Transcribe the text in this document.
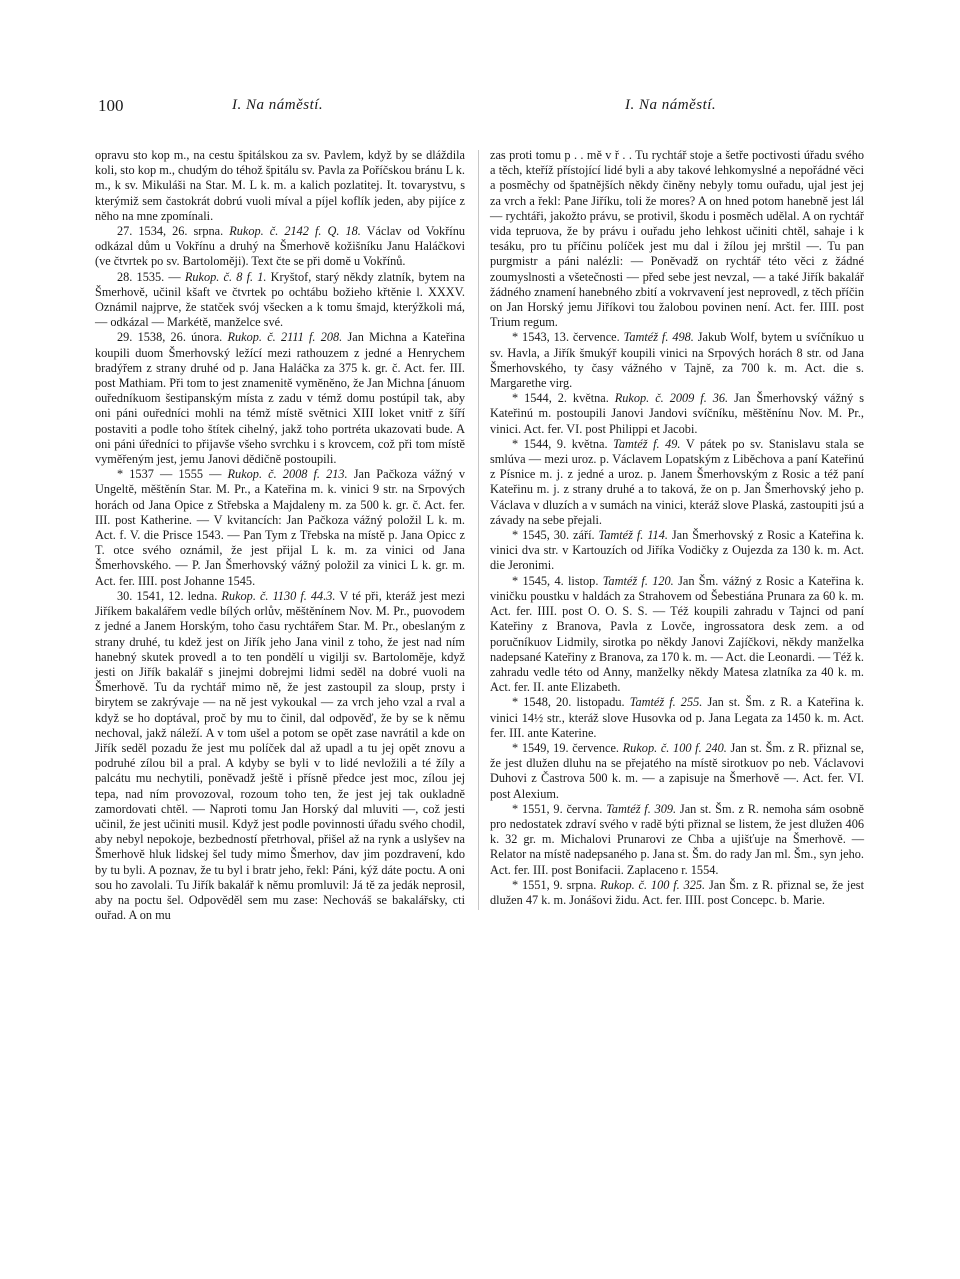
100	I. Na náměstí.	I. Na náměstí.

opravu sto kop m., na cestu špitálskou za sv. Pavlem, když by se dláždila koli, sto kop m., chudým do téhož špitálu sv. Pavla za Poříčskou bránu L k. m., k sv. Mikuláši na Star. M. L k. m. a kalich pozlatitej. It. tovarystvu, s kterýmiž sem častokrát dobrú vuoli míval a píjel koflík jeden, aby pijíce z něho na mne zpomínali.

27. 1534, 26. srpna. Rukop. č. 2142 f. Q. 18. Václav od Vokřínu odkázal dům u Vokřínu a druhý na Šmerhově kožišníku Janu Haláčkovi (ve čtvrtek po sv. Bartoloměji). Text čte se při domě u Vokřínů.

28. 1535. — Rukop. č. 8 f. 1. Kryštof, starý někdy zlatník, bytem na Šmerhově, učinil kšaft ve čtvrtek po ochtábu božieho křtěnie l. XXXV. Oznámil najprve, že statček svój všecken a k tomu šmajd, kterýžkoli má, — odkázal — Markétě, manželce své.

29. 1538, 26. února. Rukop. č. 2111 f. 208. Jan Michna a Kateřina koupili duom Šmerhovský ležící mezi rathouzem z jedné a Henrychem bradýřem z strany druhé od p. Jana Haláčka za 375 k. gr. č. Act. fer. III. post Mathiam. Při tom to jest znamenitě vyměněno, že Jan Michna [ánuom ouředníkuom šestipanským místa z zadu v témž domu postúpil tak, aby oni páni ouředníci mohli na témž místě světnici XIII loket vnitř z šíří postaviti a podle toho štítek cihelný, jakž toho portréta ukazovati bude. A oni páni úředníci to přijavše všeho svrchku i s krovcem, což při tom místě vyměřeným jest, jemu Janovi dědičně postoupili.

* 1537 — 1555 — Rukop. č. 2008 f. 213. Jan Pačkoza vážný v Ungeltě, měštěnín Star. M. Pr., a Kateřina m. k. vinici 9 str. na Srpových horách od Jana Opice z Střebska a Majdaleny m. za 500 k. gr. č. Act. fer. III. post Katherine. — V kvitancích: Jan Pačkoza vážný položil L k. m. Act. f. V. die Prisce 1543. — Pan Tym z Třebska na místě p. Jana Opicc z T. otce svého oznámil, že jest přijal L k. m. za vinici od Jana Šmerhovského. — P. Jan Šmerhovský vážný položil za vinici L k. gr. m. Act. fer. IIII. post Johanne 1545.

30. 1541, 12. ledna. Rukop. č. 1130 f. 44.3. V té při, kteráž jest mezi Jiříkem bakalářem vedle bílých orlův, měštěnínem Nov. M. Pr., puovodem z jedné a Janem Horským, toho času rychtářem Star. M. Pr., obeslaným z strany druhé, tu kdež jest on Jiřík jeho Jana vinil z toho, že jest nad ním hanebný skutek provedl a to ten pondělí u vigilji sv. Bartoloměje, když jesti on Jiřík bakalář s jinejmi dobrejmi lidmi seděl na dobré vuoli na Šmerhově. Tu da rychtář mimo ně, že jest zastoupil za sloup, prsty i birytem se zakrývaje — na ně jest vykoukal — za vrch jeho vzal a rval a když se ho doptával, proč by mu to činil, dal odpověď, že by se k němu nechoval, jakž náleží. A v tom ušel a potom se opět zase navrátil a kde on Jiřík seděl pozadu že jest mu políček dal až upadl a tu jej opět znovu a podruhé zílou bil a pral. A kdyby se byli v to lidé nevložili a té žíly a palcátu mu nechytili, poněvadž ještě i přísně předce jest moc, zílou jej tepa, nad ním provozoval, rozoum toho ten, že jest jej tak oukladně zamordovati chtěl. — Naproti tomu Jan Horský dal mluviti —, což jesti učinil, že jest učiniti musil. Když jest podle povinnosti úřadu svého chodil, aby nebyl nepokoje, bezbedností přetrhoval, přišel až na rynk a uslyšev na Šmerhově hluk lidskej šel tudy mimo Šmerhov, dav jim pozdravení, kdo by tu byli. A poznav, že tu byl i bratr jeho, řekl: Páni, kýž dáte poctu. A oni sou ho zavolali. Tu Jiřík bakalář k němu promluvil: Já tě za jedák neprosil, aby na poctu šel. Odpověděl sem mu zase: Nechováš se bakalářsky, cti ouřad. A on mu

zas proti tomu p . . mě v ř . . Tu rychtář stoje a šetře poctivosti úřadu svého a těch, kteříž přístojící lidé byli a aby takové lehkomyslné a nepořádné věci a posměchy od špatnějších někdy činěny nebyly tomu ouřadu, ujal jest jej za vrch a řekl: Pane Jiříku, toli že mores? A on hned potom hanebně jest lál — rychtáři, jakožto právu, se protivil, škodu i posměch udělal. A on rychtář vida tepruova, že by právu i ouřadu jeho lehkost učiniti chtěl, sahaje i k tesáku, pro tu příčinu políček jest mu dal i žílou jej mrštil —. Tu pan purgmistr a páni nalézli: — Poněvadž on rychtář této věci z žádné zoumyslnosti a všetečnosti — před sebe jest nevzal, — a také Jiřík bakalář žádného znamení hanebného zbití a vokrvavení jest neprovedl, z těch příčin on Jan Horský jemu Jiříkovi tou žalobou povinen není. Act. fer. IIII. post Trium regum.

* 1543, 13. července. Tamtéž f. 498. Jakub Wolf, bytem u svíčníkuo u sv. Havla, a Jiřík šmukýř koupili vinici na Srpových horách 8 str. od Jana Šmerhovského, ty časy vážného v Tajně, za 700 k. m. Act. die s. Margarethe virg.

* 1544, 2. května. Rukop. č. 2009 f. 36. Jan Šmerhovský vážný s Kateřinú m. postoupili Janovi Jandovi svíčníku, měštěnínu Nov. M. Pr., vinici. Act. fer. VI. post Philippi et Jacobi.

* 1544, 9. května. Tamtéž f. 49. V pátek po sv. Stanislavu stala se smlúva — mezi uroz. p. Václavem Lopatským z Liběchova a paní Kateřinú z Písnice m. j. z jedné a uroz. p. Janem Šmerhovským z Rosic a též paní Kateřinu m. j. z strany druhé a to taková, že on p. Jan Šmerhovský jeho p. Václava v dluzích a v sumách na vinici, kteráž slove Plaská, zastoupiti jsú a závady na sebe přejali.

* 1545, 30. září. Tamtéž f. 114. Jan Šmerhovský z Rosic a Kateřina k. vinici dva str. v Kartouzích od Jiříka Vodičky z Oujezda za 130 k. m. Act. die Jeronimi.

* 1545, 4. listop. Tamtéž f. 120. Jan Šm. vážný z Rosic a Kateřina k. viničku poustku v haldách za Strahovem od Šebestiána Prunara za 60 k. m. Act. fer. IIII. post O. O. S. S. — Též koupili zahradu v Tajnci od paní Kateřiny z Branova, Pavla z Lovče, ingrossatora desk zem. a od poručníkuov Lidmily, sirotka po někdy Janovi Zajíčkovi, někdy manželka nadepsané Kateřiny z Branova, za 170 k. m. — Act. die Leonardi. — Též k. zahradu vedle této od Anny, manželky někdy Matesa zlatníka za 40 k. m. Act. fer. II. ante Elizabeth.

* 1548, 20. listopadu. Tamtéž f. 255. Jan st. Šm. z R. a Kateřina k. vinici 14½ str., kteráž slove Husovka od p. Jana Legata za 1450 k. m. Act. fer. III. ante Katerine.

* 1549, 19. července. Rukop. č. 100 f. 240. Jan st. Šm. z R. přiznal se, že jest dlužen dluhu na se přejatého na místě sirotkuov po neb. Václavovi Duhovi z Častrova 500 k. m. — a zapisuje na Šmerhově —. Act. fer. VI. post Alexium.

* 1551, 9. června. Tamtéž f. 309. Jan st. Šm. z R. nemoha sám osobně pro nedostatek zdraví svého v radě býti přiznal se listem, že jest dlužen 406 k. 32 gr. m. Michalovi Prunarovi ze Chba a ujišťuje na Šmerhově. — Relator na místě nadepsaného p. Jana st. Šm. do rady Jan ml. Šm., syn jeho. Act. fer. III. post Bonifacii. Zaplaceno r. 1554.

* 1551, 9. srpna. Rukop. č. 100 f. 325. Jan Šm. z R. přiznal se, že jest dlužen 47 k. m. Jonášovi židu. Act. fer. IIII. post Concepc. b. Marie.
